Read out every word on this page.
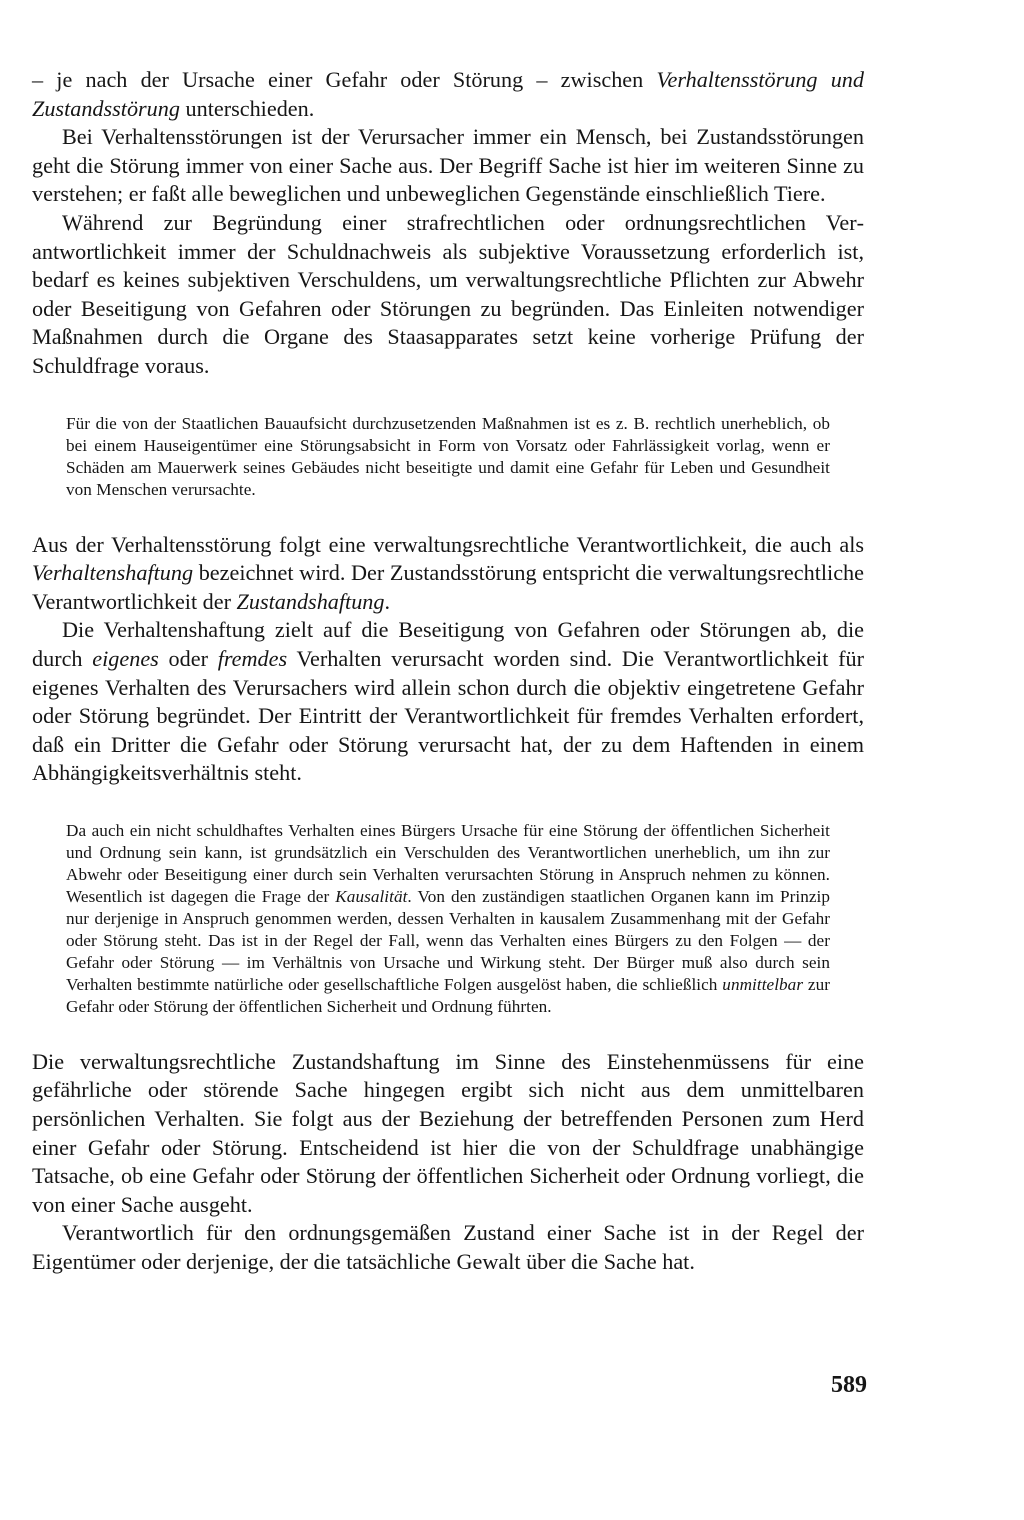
– je nach der Ursache einer Gefahr oder Störung – zwischen Verhaltensstörung und Zustandsstörung unterschieden.

Bei Verhaltensstörungen ist der Verursacher immer ein Mensch, bei Zustandsstörungen geht die Störung immer von einer Sache aus. Der Begriff Sache ist hier im weiteren Sinne zu verstehen; er faßt alle beweglichen und unbeweglichen Gegenstände einschließlich Tiere.

Während zur Begründung einer strafrechtlichen oder ordnungsrechtlichen Verantwortlichkeit immer der Schuldnachweis als subjektive Voraussetzung erforderlich ist, bedarf es keines subjektiven Verschuldens, um verwaltungsrechtliche Pflichten zur Abwehr oder Beseitigung von Gefahren oder Störungen zu begründen. Das Einleiten notwendiger Maßnahmen durch die Organe des Staasapparates setzt keine vorherige Prüfung der Schuldfrage voraus.

Für die von der Staatlichen Bauaufsicht durchzusetzenden Maßnahmen ist es z. B. rechtlich unerheblich, ob bei einem Hauseigentümer eine Störungsabsicht in Form von Vorsatz oder Fahrlässigkeit vorlag, wenn er Schäden am Mauerwerk seines Gebäudes nicht beseitigte und damit eine Gefahr für Leben und Gesundheit von Menschen verursachte.

Aus der Verhaltensstörung folgt eine verwaltungsrechtliche Verantwortlichkeit, die auch als Verhaltenshaftung bezeichnet wird. Der Zustandsstörung entspricht die verwaltungsrechtliche Verantwortlichkeit der Zustandshaftung.

Die Verhaltenshaftung zielt auf die Beseitigung von Gefahren oder Störungen ab, die durch eigenes oder fremdes Verhalten verursacht worden sind. Die Verantwortlichkeit für eigenes Verhalten des Verursachers wird allein schon durch die objektiv eingetretene Gefahr oder Störung begründet. Der Eintritt der Verantwortlichkeit für fremdes Verhalten erfordert, daß ein Dritter die Gefahr oder Störung verursacht hat, der zu dem Haftenden in einem Abhängigkeitsverhältnis steht.

Da auch ein nicht schuldhaftes Verhalten eines Bürgers Ursache für eine Störung der öffentlichen Sicherheit und Ordnung sein kann, ist grundsätzlich ein Verschulden des Verantwortlichen unerheblich, um ihn zur Abwehr oder Beseitigung einer durch sein Verhalten verursachten Störung in Anspruch nehmen zu können. Wesentlich ist dagegen die Frage der Kausalität. Von den zuständigen staatlichen Organen kann im Prinzip nur derjenige in Anspruch genommen werden, dessen Verhalten in kausalem Zusammenhang mit der Gefahr oder Störung steht. Das ist in der Regel der Fall, wenn das Verhalten eines Bürgers zu den Folgen — der Gefahr oder Störung — im Verhältnis von Ursache und Wirkung steht. Der Bürger muß also durch sein Verhalten bestimmte natürliche oder gesellschaftliche Folgen ausgelöst haben, die schließlich unmittelbar zur Gefahr oder Störung der öffentlichen Sicherheit und Ordnung führten.

Die verwaltungsrechtliche Zustandshaftung im Sinne des Einstehenmüssens für eine gefährliche oder störende Sache hingegen ergibt sich nicht aus dem unmittelbaren persönlichen Verhalten. Sie folgt aus der Beziehung der betreffenden Personen zum Herd einer Gefahr oder Störung. Entscheidend ist hier die von der Schuldfrage unabhängige Tatsache, ob eine Gefahr oder Störung der öffentlichen Sicherheit oder Ordnung vorliegt, die von einer Sache ausgeht.

Verantwortlich für den ordnungsgemäßen Zustand einer Sache ist in der Regel der Eigentümer oder derjenige, der die tatsächliche Gewalt über die Sache hat.

589
